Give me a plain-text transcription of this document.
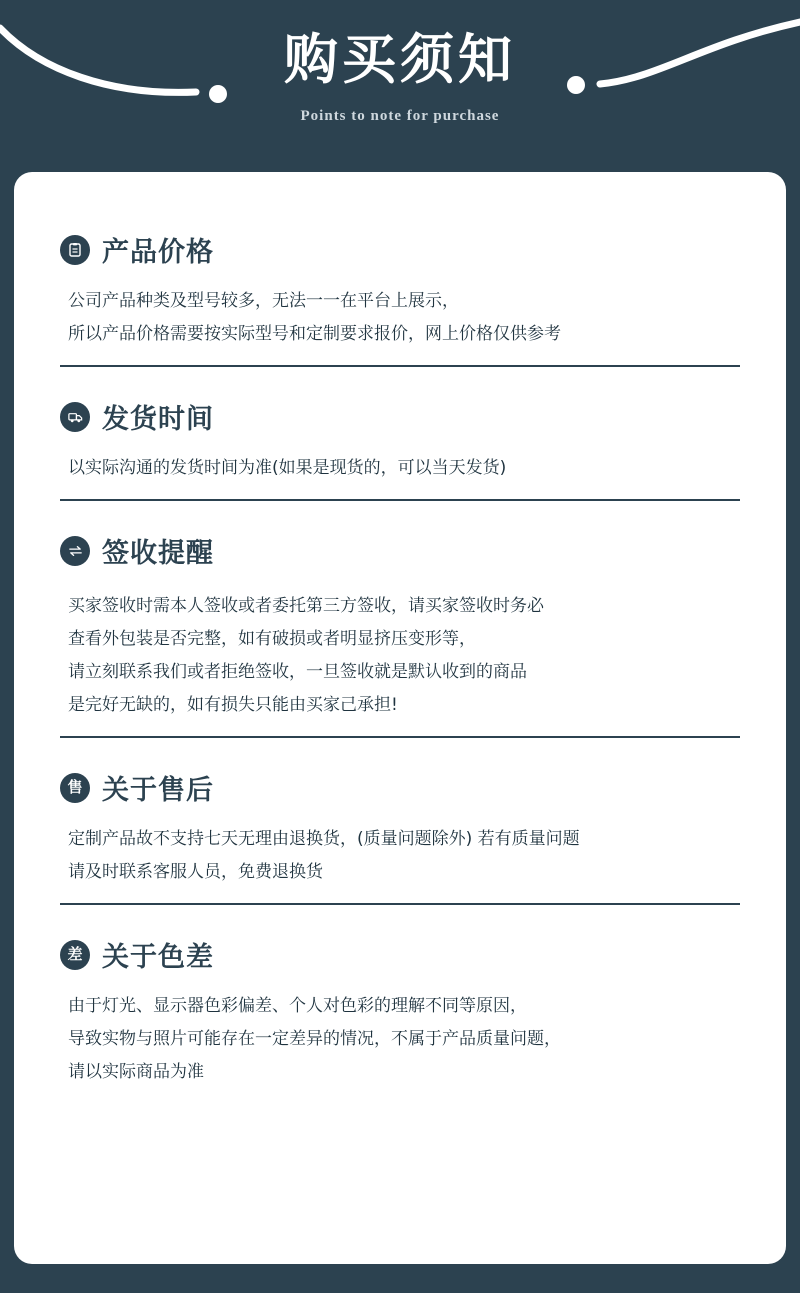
购买须知
Points to note for purchase
产品价格
公司产品种类及型号较多，无法一一在平台上展示，
所以产品价格需要按实际型号和定制要求报价，网上价格仅供参考
发货时间
以实际沟通的发货时间为准(如果是现货的，可以当天发货)
签收提醒
买家签收时需本人签收或者委托第三方签收，请买家签收时务必
查看外包装是否完整，如有破损或者明显挤压变形等，
请立刻联系我们或者拒绝签收，一旦签收就是默认收到的商品
是完好无缺的，如有损失只能由买家己承担!
售 关于售后
定制产品故不支持七天无理由退换货，(质量问题除外) 若有质量问题
请及时联系客服人员，免费退换货
差 关于色差
由于灯光、显示器色彩偏差、个人对色彩的理解不同等原因，
导致实物与照片可能存在一定差异的情况，不属于产品质量问题，
请以实际商品为准
